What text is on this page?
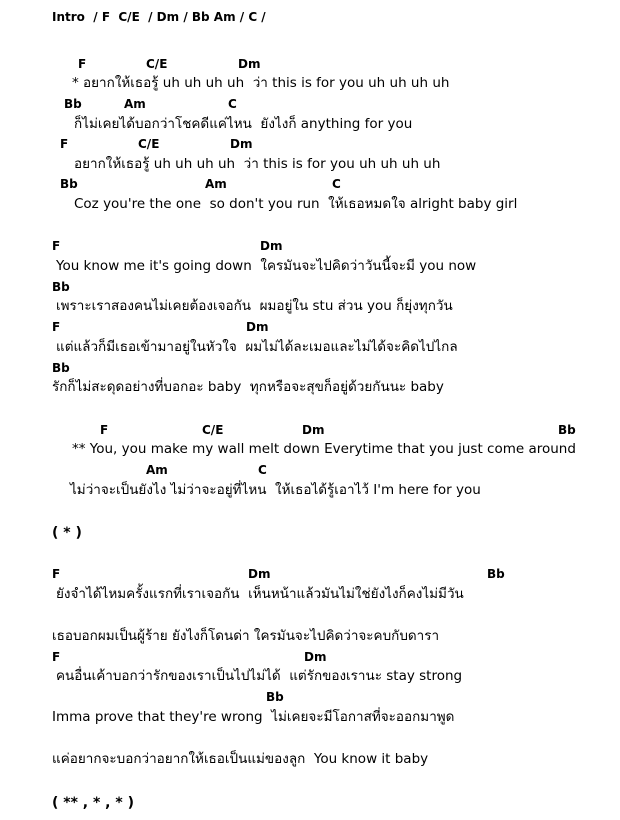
Intro  / F  C/E  / Dm / Bb Am / C /
F	C/E	Dm
* อยากให้เธอรู้ uh uh uh uh  ว่า this is for you uh uh uh uh
Bb	Am	C
ก็ไม่เคยได้บอกว่าโชคดีแค่ไหน  ยังไงก็ anything for you
F	C/E	Dm
อยากให้เธอรู้ uh uh uh uh  ว่า this is for you uh uh uh uh
Bb	Am	C
Coz you're the one  so don't you run  ให้เธอหมดใจ alright baby girl
F	Dm
You know me it's going down  ใครมันจะไปคิดว่าวันนี้จะมี you now
Bb
เพราะเราสองคนไม่เคยต้องเจอกัน  ผมอยู่ใน stu ส่วน you ก็ยุ่งทุกวัน
F	Dm
แต่แล้วก็มีเธอเข้ามาอยู่ในหัวใจ  ผมไม่ได้ละเมอและไม่ได้จะคิดไปไกล
Bb
รักก็ไม่สะดุดอย่างที่บอกอะ baby  ทุกหรือจะสุขก็อยู่ด้วยกันนะ baby
F	C/E	Dm	Bb
** You, you make my wall melt down Everytime that you just come around
Am	C
ไม่ว่าจะเป็นยังไง ไม่ว่าจะอยู่ที่ไหน  ให้เธอได้รู้เอาไว้ I'm here for you
( * )
F	Dm	Bb
ยังจำได้ไหมครั้งแรกที่เราเจอกัน  เห็นหน้าแล้วมันไม่ใช่ยังไงก็คงไม่มีวัน
เธอบอกผมเป็นผู้ร้าย ยังไงก็โดนด่า ใครมันจะไปคิดว่าจะคบกับดารา
F	Dm
คนอื่นเค้าบอกว่ารักของเราเป็นไปไม่ได้  แต่รักของเรานะ stay strong
Bb
Imma prove that they're wrong  ไม่เคยจะมีโอกาสที่จะออกมาพูด
แค่อยากจะบอกว่าอยากให้เธอเป็นแม่ของลูก  You know it baby
( ** , * , * )
